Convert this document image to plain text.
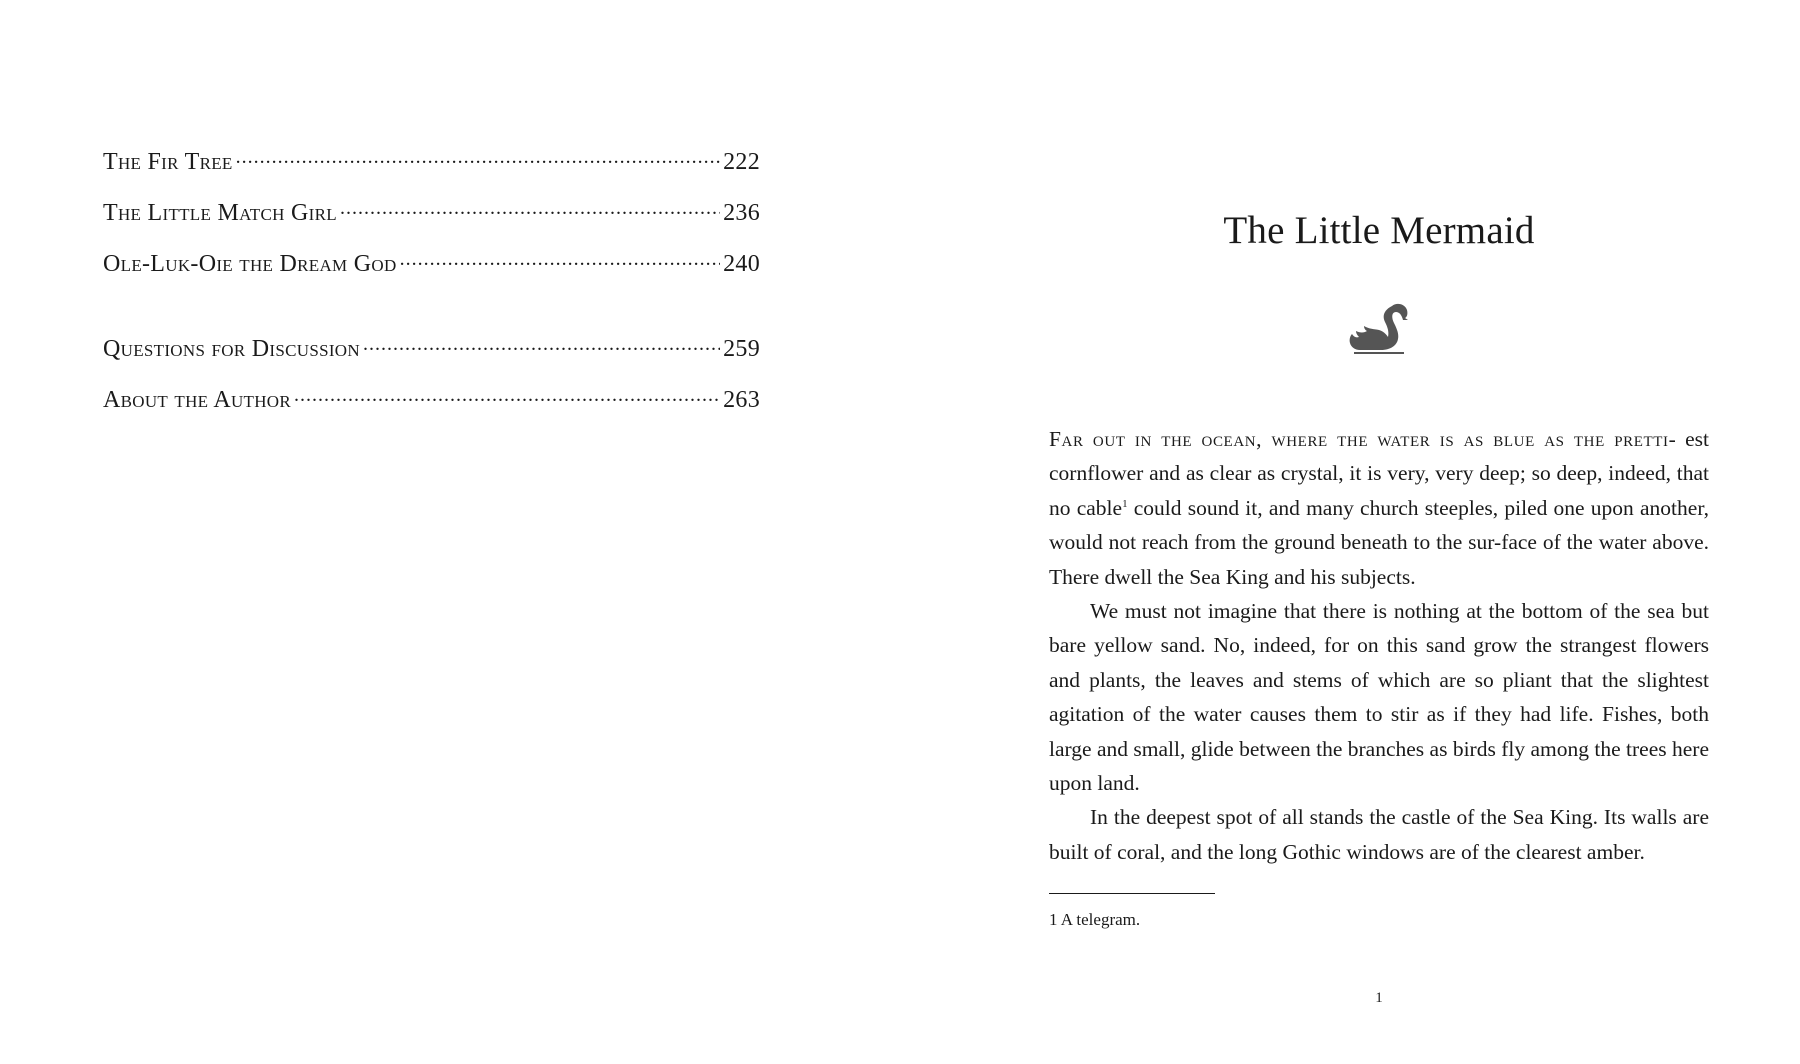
The Fir Tree .....	222
The Little Match Girl .....	236
Ole-Luk-Oie the Dream God .....	240
Questions for Discussion .....	259
About the Author .....	263
The Little Mermaid

Far out in the ocean, where the water is as blue as the pretti- est cornflower and as clear as crystal, it is very, very deep; so deep, indeed, that no cable$^1$ could sound it, and many church steeples, piled one upon another, would not reach from the ground beneath to the sur-face of the water above. There dwell the Sea King and his subjects.

We must not imagine that there is nothing at the bottom of the sea but bare yellow sand. No, indeed, for on this sand grow the strangest flowers and plants, the leaves and stems of which are so pliant that the slightest agitation of the water causes them to stir as if they had life. Fishes, both large and small, glide between the branches as birds fly among the trees here upon land.

In the deepest spot of all stands the castle of the Sea King. Its walls are built of coral, and the long Gothic windows are of the clearest amber.

1 A telegram.
1
